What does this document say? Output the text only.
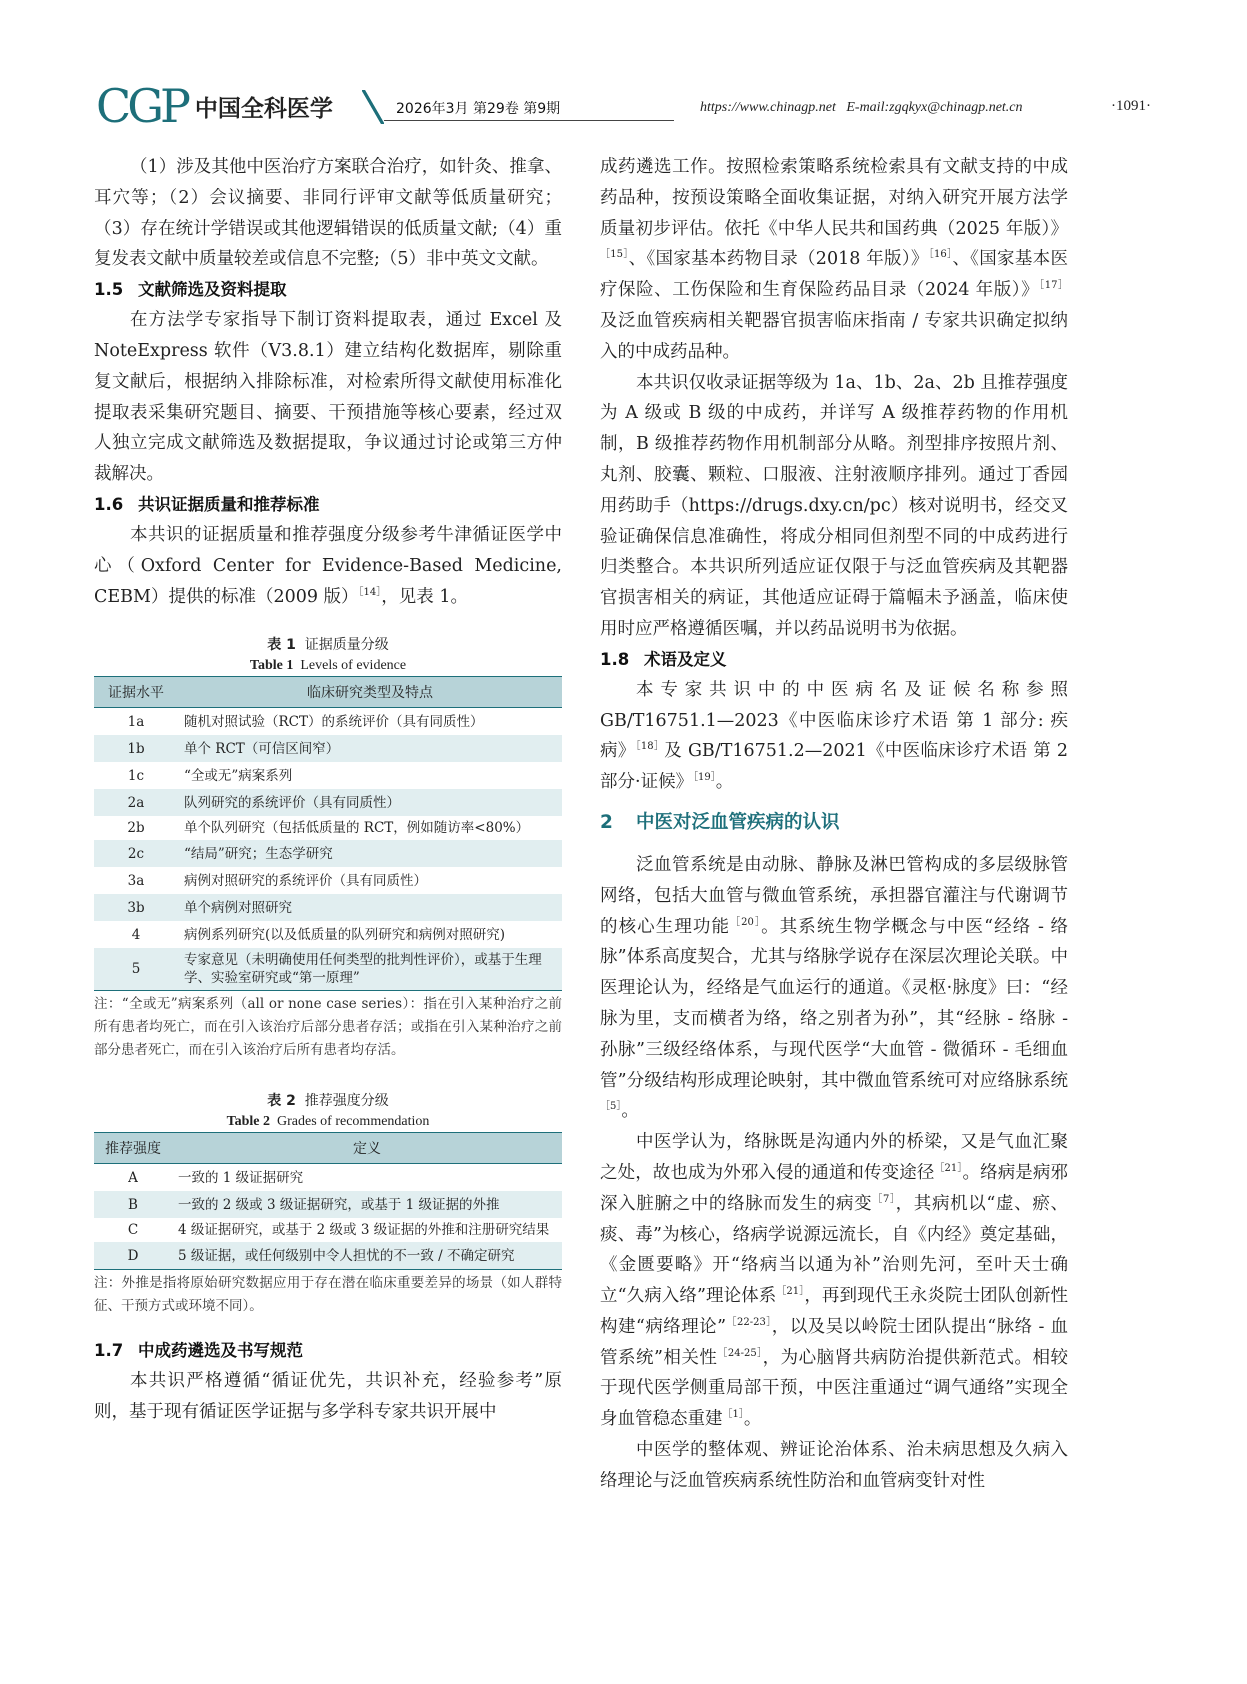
CGP 中国全科医学	2026年3月 第29卷 第9期	https://www.chinagp.net E-mail:zgqkyx@chinagp.net.cn	·1091·

（1）涉及其他中医治疗方案联合治疗，如针灸、推拿、耳穴等；（2）会议摘要、非同行评审文献等低质量研究；（3）存在统计学错误或其他逻辑错误的低质量文献;（4）重复发表文献中质量较差或信息不完整;（5）非中英文文献。

1.5 文献筛选及资料提取

在方法学专家指导下制订资料提取表，通过 Excel 及 NoteExpress 软件（V3.8.1）建立结构化数据库，剔除重复文献后，根据纳入排除标准，对检索所得文献使用标准化提取表采集研究题目、摘要、干预措施等核心要素，经过双人独立完成文献筛选及数据提取，争议通过讨论或第三方仲裁解决。

1.6 共识证据质量和推荐标准

本共识的证据质量和推荐强度分级参考牛津循证医学中心（Oxford Center for Evidence-Based Medicine, CEBM）提供的标准（2009 版）$^{[14]}$，见表 1。

表 1 证据质量分级
Table 1 Levels of evidence
证据水平	临床研究类型及特点
1a	随机对照试验（RCT）的系统评价（具有同质性）
1b	单个 RCT（可信区间窄）
1c	“全或无”病案系列
2a	队列研究的系统评价（具有同质性）
2b	单个队列研究（包括低质量的 RCT，例如随访率<80%）
2c	“结局”研究；生态学研究
3a	病例对照研究的系统评价（具有同质性）
3b	单个病例对照研究
4	病例系列研究(以及低质量的队列研究和病例对照研究)
5	专家意见（未明确使用任何类型的批判性评价），或基于生理学、实验室研究或“第一原理”
注：“全或无”病案系列（all or none case series）：指在引入某种治疗之前所有患者均死亡，而在引入该治疗后部分患者存活；或指在引入某种治疗之前部分患者死亡，而在引入该治疗后所有患者均存活。
表 2 推荐强度分级
Table 2 Grades of recommendation
推荐强度	定义
A	一致的 1 级证据研究
B	一致的 2 级或 3 级证据研究，或基于 1 级证据的外推
C	4 级证据研究，或基于 2 级或 3 级证据的外推和注册研究结果
D	5 级证据，或任何级别中令人担忧的不一致 / 不确定研究
注：外推是指将原始研究数据应用于存在潜在临床重要差异的场景（如人群特征、干预方式或环境不同）。
1.7 中成药遴选及书写规范

本共识严格遵循“循证优先，共识补充，经验参考”原则，基于现有循证医学证据与多学科专家共识开展中

成药遴选工作。按照检索策略系统检索具有文献支持的中成药品种，按预设策略全面收集证据，对纳入研究开展方法学质量初步评估。依托《中华人民共和国药典（2025 年版）》$^{[15]}$、《国家基本药物目录（2018 年版）》$^{[16]}$、《国家基本医疗保险、工伤保险和生育保险药品目录（2024 年版）》$^{[17]}$及泛血管疾病相关靶器官损害临床指南 / 专家共识确定拟纳入的中成药品种。

本共识仅收录证据等级为 1a、1b、2a、2b 且推荐强度为 A 级或 B 级的中成药，并详写 A 级推荐药物的作用机制，B 级推荐药物作用机制部分从略。剂型排序按照片剂、丸剂、胶囊、颗粒、口服液、注射液顺序排列。通过丁香园用药助手（https://drugs.dxy.cn/pc）核对说明书，经交叉验证确保信息准确性，将成分相同但剂型不同的中成药进行归类整合。本共识所列适应证仅限于与泛血管疾病及其靶器官损害相关的病证，其他适应证碍于篇幅未予涵盖，临床使用时应严格遵循医嘱，并以药品说明书为依据。

1.8 术语及定义

本专家共识中的中医病名及证候名称参照 GB/T16751.1—2023《中医临床诊疗术语 第 1 部分: 疾病》$^{[18]}$及 GB/T16751.2—2021《中医临床诊疗术语 第 2 部分·证候》$^{[19]}$。

2 中医对泛血管疾病的认识

泛血管系统是由动脉、静脉及淋巴管构成的多层级脉管网络，包括大血管与微血管系统，承担器官灌注与代谢调节的核心生理功能$^{[20]}$。其系统生物学概念与中医“经络 - 络脉”体系高度契合，尤其与络脉学说存在深层次理论关联。中医理论认为，经络是气血运行的通道。《灵枢·脉度》曰：“经脉为里，支而横者为络，络之别者为孙”，其“经脉 - 络脉 - 孙脉”三级经络体系，与现代医学“大血管 - 微循环 - 毛细血管”分级结构形成理论映射，其中微血管系统可对应络脉系统$^{[5]}$。

中医学认为，络脉既是沟通内外的桥梁，又是气血汇聚之处，故也成为外邪入侵的通道和传变途径$^{[21]}$。络病是病邪深入脏腑之中的络脉而发生的病变$^{[7]}$，其病机以“虚、瘀、痰、毒”为核心，络病学说源远流长，自《内经》奠定基础，《金匮要略》开“络病当以通为补”治则先河，至叶天士确立“久病入络”理论体系$^{[21]}$，再到现代王永炎院士团队创新性构建“病络理论”$^{[22-23]}$，以及吴以岭院士团队提出“脉络 - 血管系统”相关性$^{[24-25]}$，为心脑肾共病防治提供新范式。相较于现代医学侧重局部干预，中医注重通过“调气通络”实现全身血管稳态重建$^{[1]}$。

中医学的整体观、辨证论治体系、治未病思想及久病入络理论与泛血管疾病系统性防治和血管病变针对性
